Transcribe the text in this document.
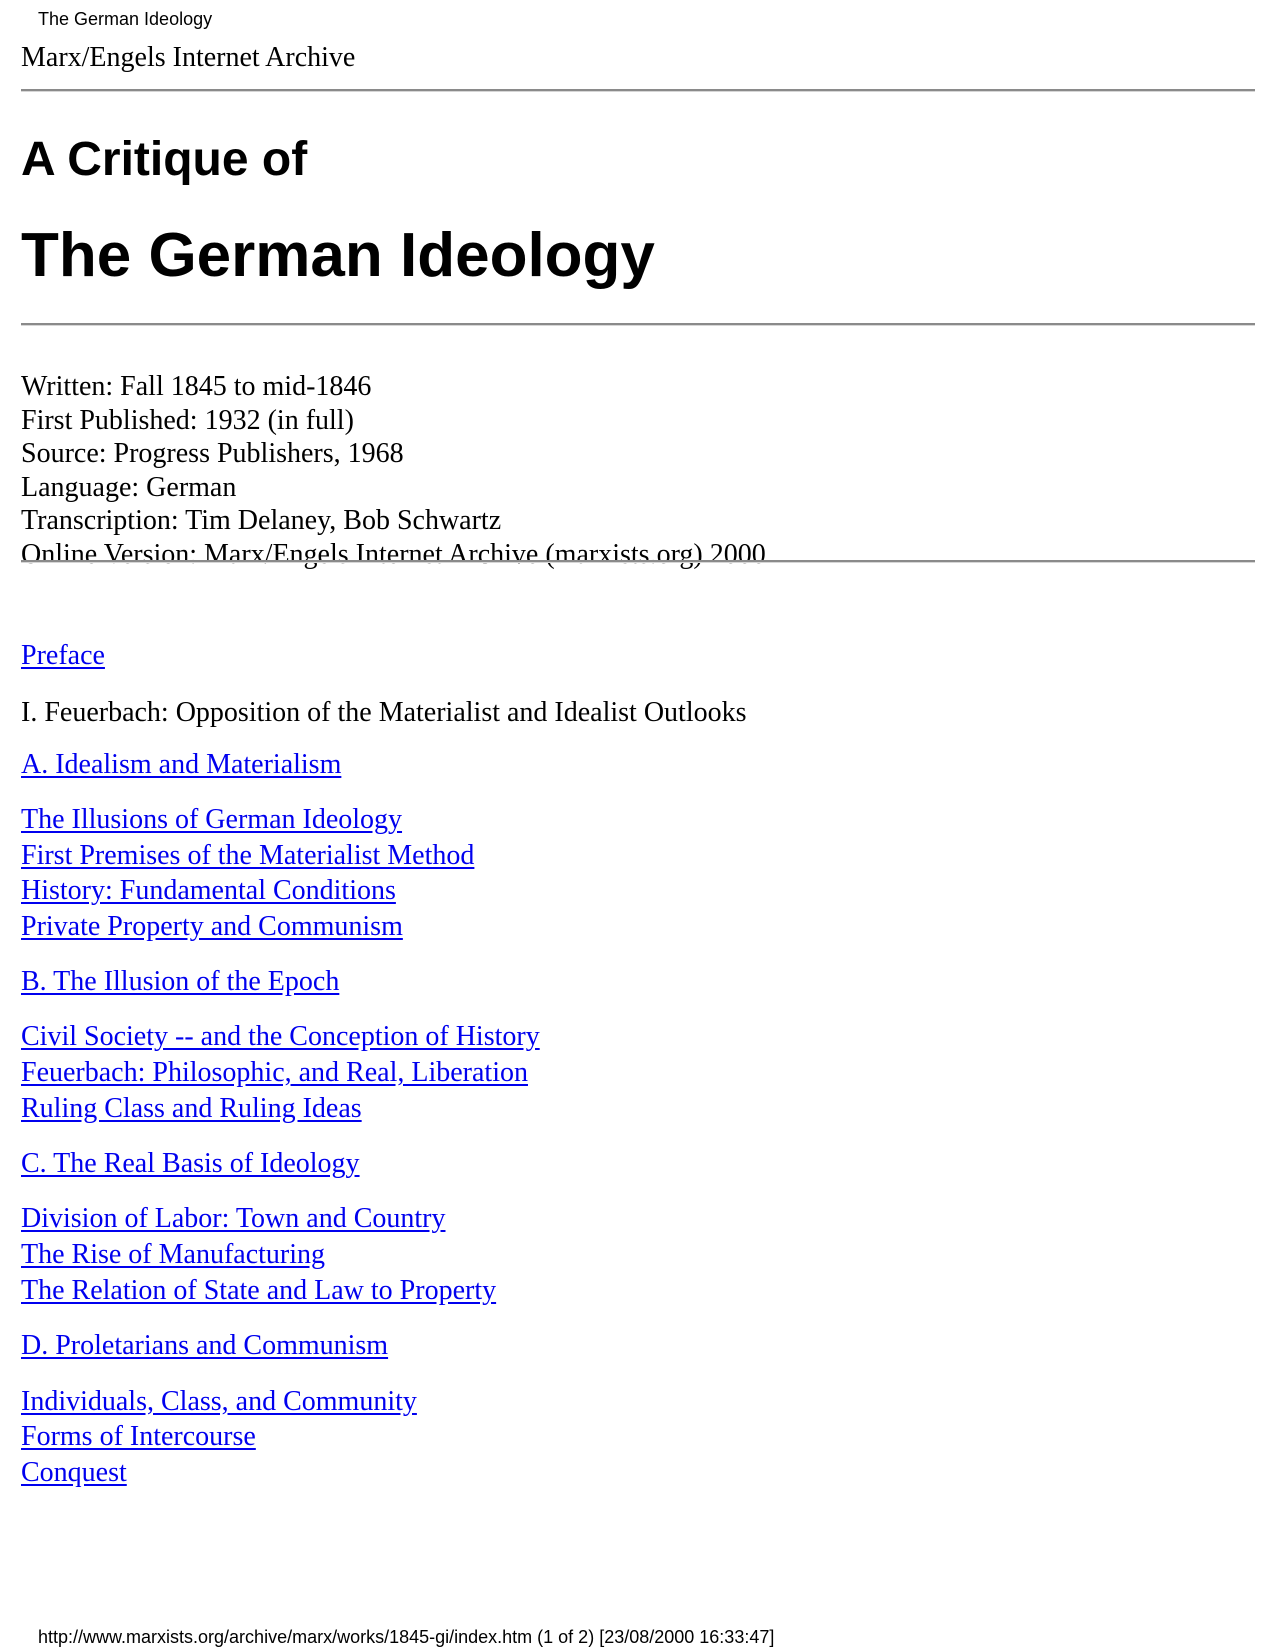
The German Ideology
Marx/Engels Internet Archive
A Critique of
The German Ideology
Written: Fall 1845 to mid-1846
First Published: 1932 (in full)
Source: Progress Publishers, 1968
Language: German
Transcription: Tim Delaney, Bob Schwartz
Online Version: Marx/Engels Internet Archive (marxists.org) 2000
Preface
I. Feuerbach: Opposition of the Materialist and Idealist Outlooks
A. Idealism and Materialism
The Illusions of German Ideology
First Premises of the Materialist Method
History: Fundamental Conditions
Private Property and Communism
B. The Illusion of the Epoch
Civil Society -- and the Conception of History
Feuerbach: Philosophic, and Real, Liberation
Ruling Class and Ruling Ideas
C. The Real Basis of Ideology
Division of Labor: Town and Country
The Rise of Manufacturing
The Relation of State and Law to Property
D. Proletarians and Communism
Individuals, Class, and Community
Forms of Intercourse
Conquest
http://www.marxists.org/archive/marx/works/1845-gi/index.htm (1 of 2) [23/08/2000 16:33:47]
